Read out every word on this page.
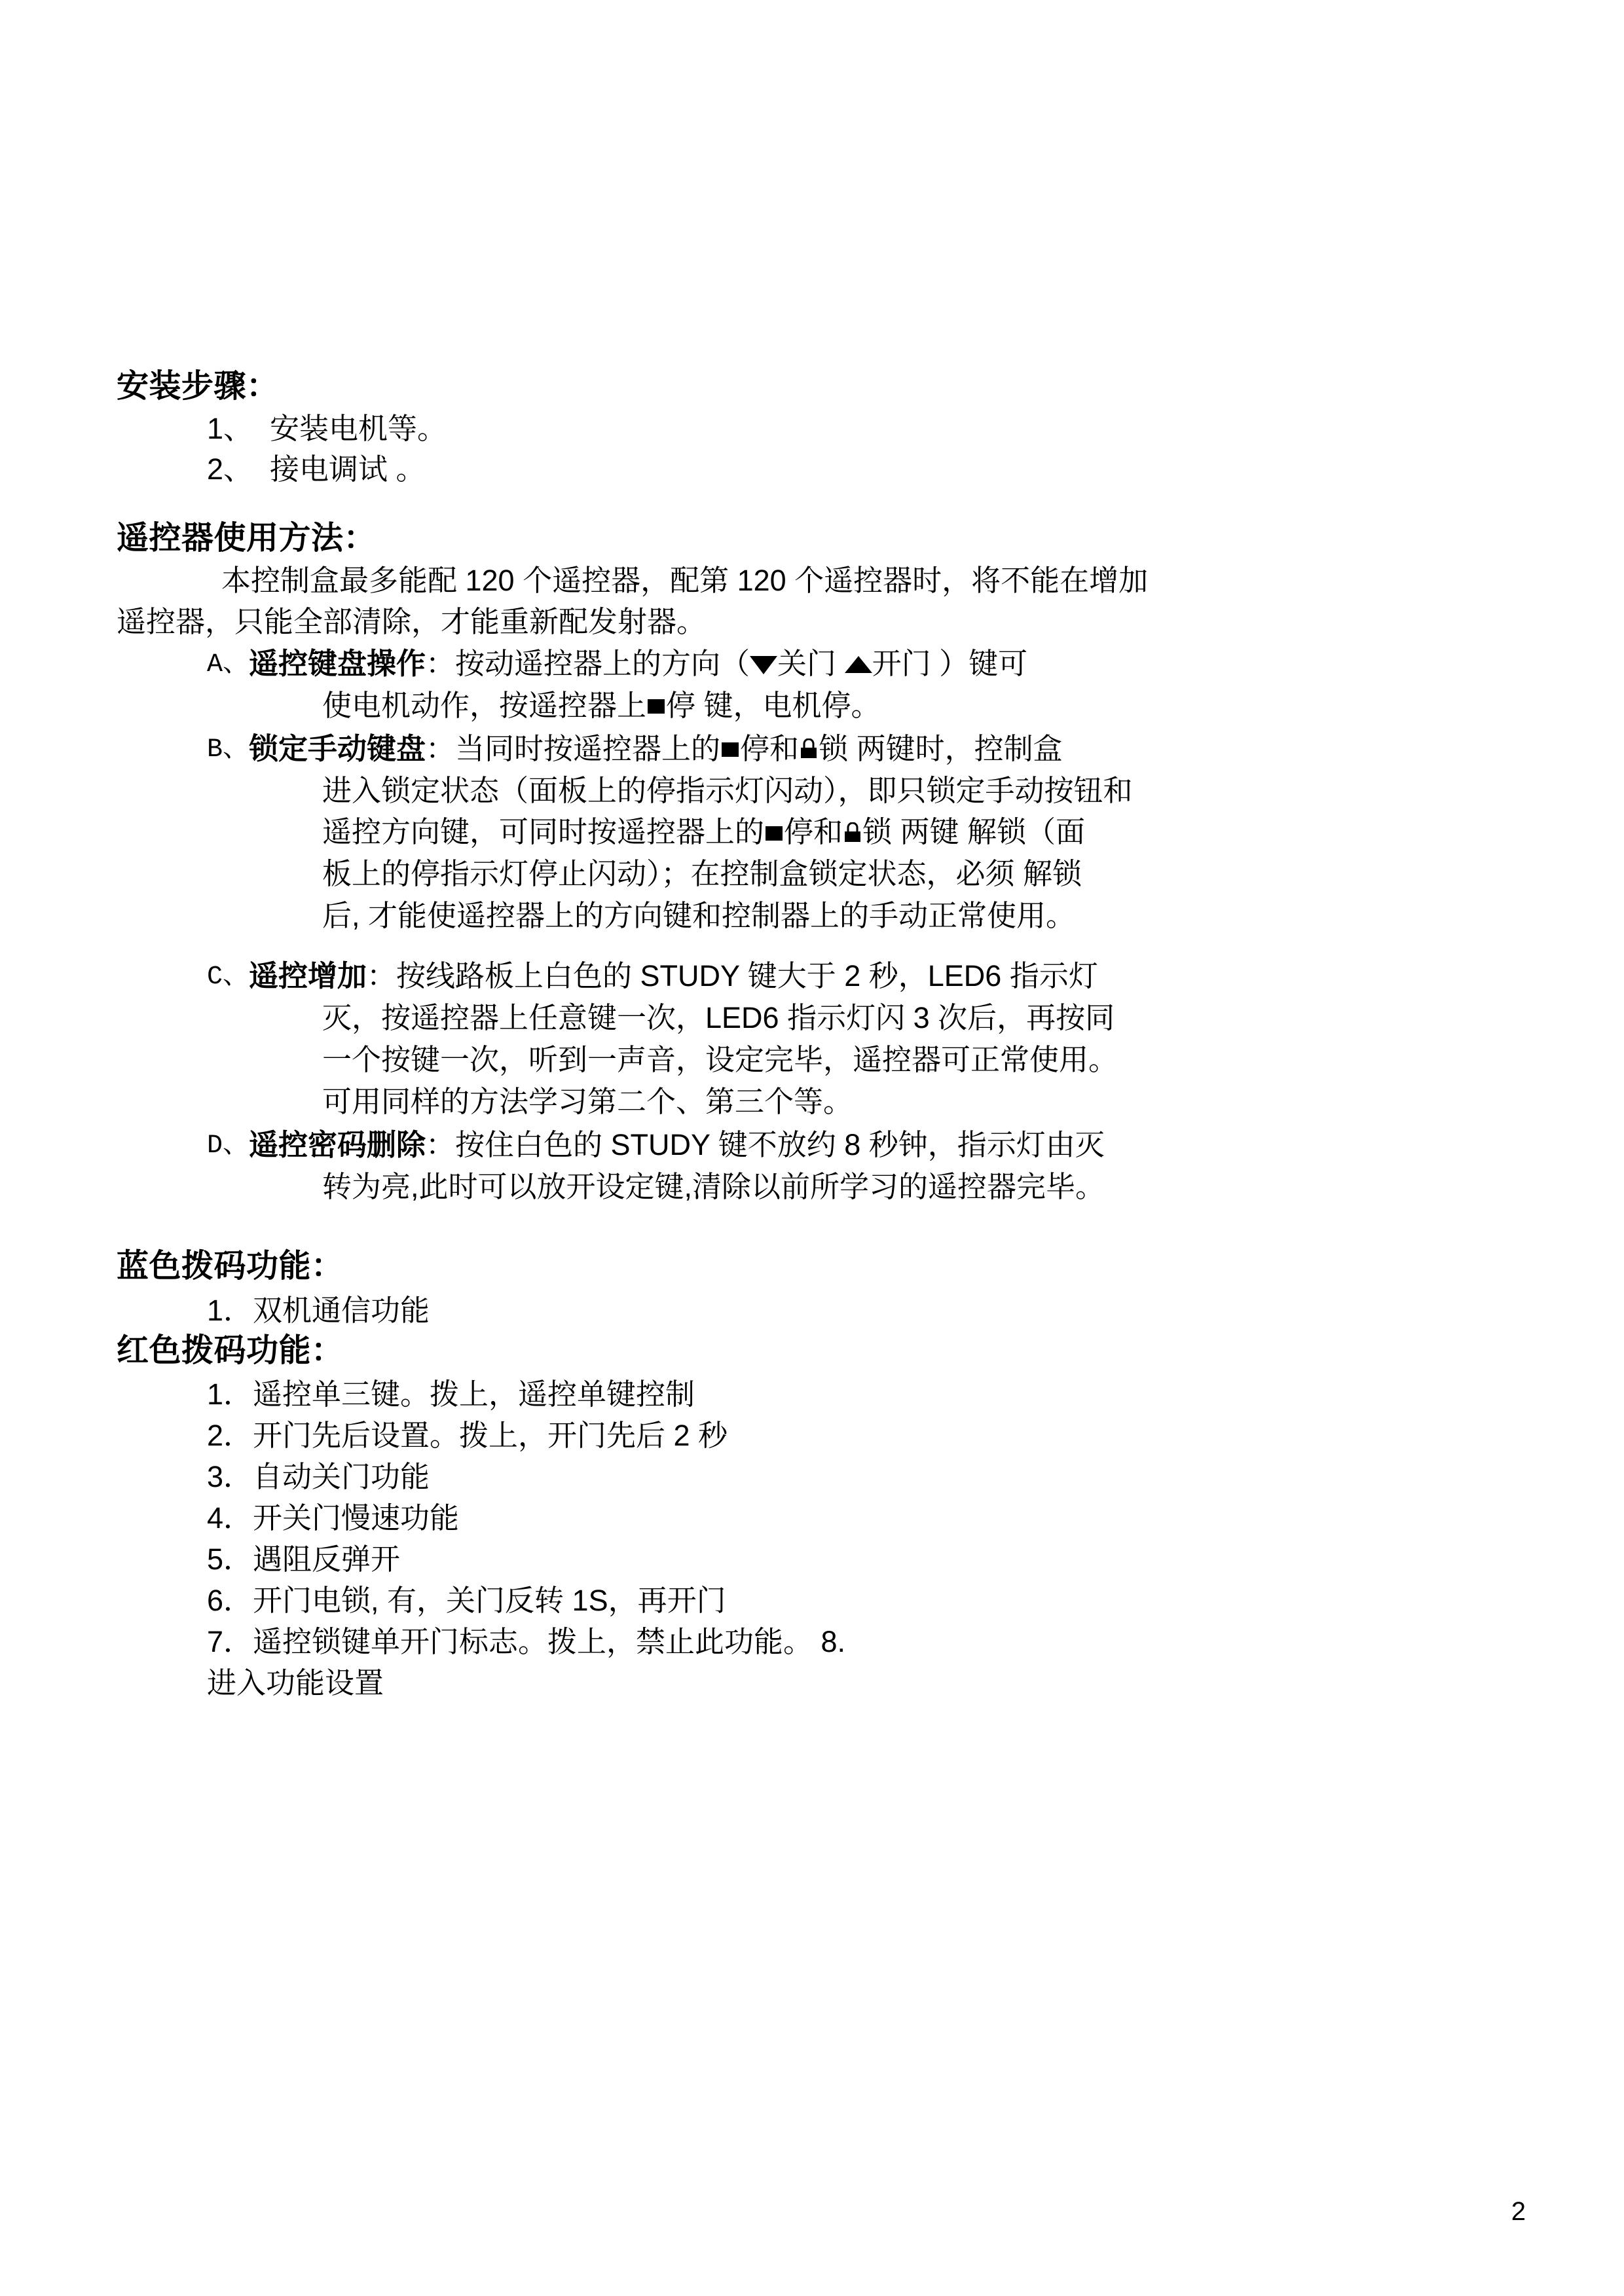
安装步骤：
1、 安装电机等。
2、 接电调试 。
遥控器使用方法：
本控制盒最多能配 120 个遥控器，配第 120 个遥控器时，将不能在增加
遥控器，只能全部清除，才能重新配发射器。
A、 遥控键盘操作：按动遥控器上的方向（ 关门 开门 ）键可
使电机动作，按遥控器上 停 键，电机停。
B、 锁定手动键盘：当同时按遥控器上的 停和 锁 两键时，控制盒
进入锁定状态（面板上的停指示灯闪动），即只锁定手动按钮和
遥控方向键，可同时按遥控器上的 停和 锁 两键 解锁（面
板上的停指示灯停止闪动）；在控制盒锁定状态，必须 解锁
后, 才能使遥控器上的方向键和控制器上的手动正常使用。
C、 遥控增加：按线路板上白色的 STUDY 键大于 2 秒，LED6 指示灯
灭，按遥控器上任意键一次，LED6 指示灯闪 3 次后，再按同
一个按键一次，听到一声音，设定完毕，遥控器可正常使用。
可用同样的方法学习第二个、第三个等。
D、 遥控密码删除：按住白色的 STUDY 键不放约 8 秒钟，指示灯由灭
转为亮,此时可以放开设定键,清除以前所学习的遥控器完毕。
蓝色拨码功能：
1． 双机通信功能
红色拨码功能：
1． 遥控单三键。拨上，遥控单键控制
2． 开门先后设置。拨上，开门先后 2 秒
3． 自动关门功能
4． 开关门慢速功能
5． 遇阻反弹开
6． 开门电锁, 有，关门反转 1S，再开门
7． 遥控锁键单开门标志。拨上，禁止此功能。 8.
进入功能设置
2
